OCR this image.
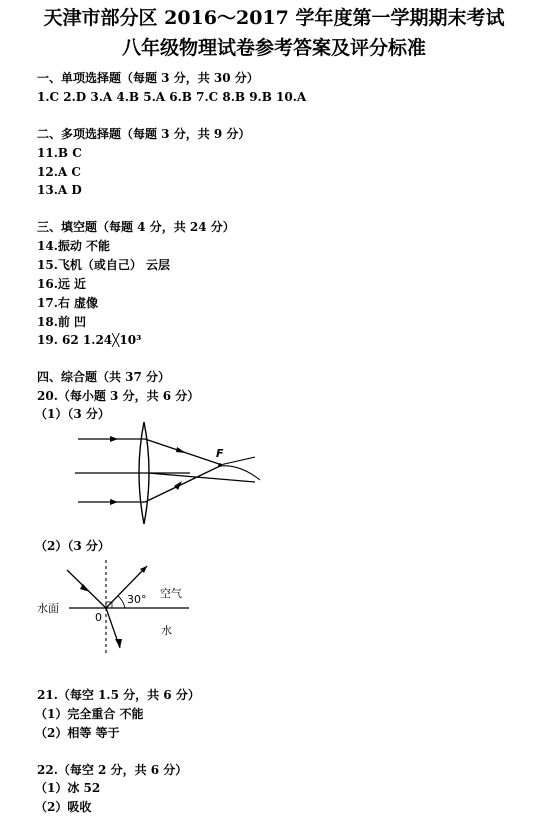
天津市部分区 2016～2017 学年度第一学期期末考试
八年级物理试卷参考答案及评分标准
一、单项选择题（每题 3 分，共 30 分）
1.C 2.D 3.A 4.B 5.A 6.B 7.C 8.B 9.B 10.A
二、多项选择题（每题 3 分，共 9 分）
11.B C
12.A C
13.A D
三、填空题（每题 4 分，共 24 分）
14.振动 不能
15.飞机（或自己） 云层
16.远 近
17.右 虚像
18.前 凹
19. 62 1.24╳10³
四、综合题（共 37 分）
20.（每小题 3 分，共 6 分）
（1）（3 分）
F
（2）（3 分）
30° 空气
水面
0
水
21.（每空 1.5 分，共 6 分）
（1）完全重合 不能
（2）相等 等于
22.（每空 2 分，共 6 分）
（1）冰 52
（2）吸收
